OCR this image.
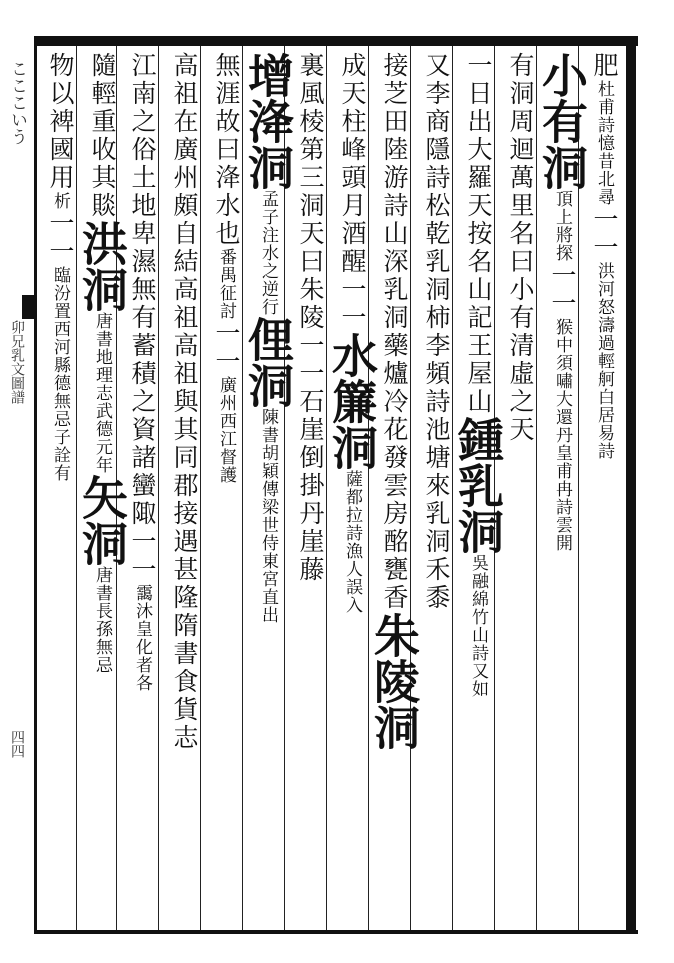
こここいう
卯兄乳文圖譜
四四
肥杜甫詩憶昔北尋一一洪河怒濤過輕舸白居易詩
小有洞頂上將探一一猴中須嘯大還丹皇甫冉詩雲開
有洞周迴萬里名曰小有清虛之天
一日出大羅天按名山記王屋山鍾乳洞吳融綿竹山詩又如
又李商隱詩松乾乳洞柿李頻詩池塘來乳洞禾黍
接芝田陸游詩山深乳洞藥爐冷花發雲房酩甕香朱陵洞
成天柱峰頭月酒醒一一水簾洞薩都拉詩漁人誤入
裏風棱第三洞天曰朱陵一一石崖倒掛丹崖藤
增洚洞孟子注水之逆行俚洞陳書胡穎傳梁世侍東宮直出
無涯故曰洚水也番禺征討一一廣州西江督護
高祖在廣州頗自結高祖高祖與其同郡接遇甚隆隋書食貨志
江南之俗土地卑濕無有蓄積之資諸蠻陬一一靄沐皇化者各
隨輕重收其賧洪洞唐書地理志武德元年矢洞唐書長孫無忌
物以裨國用析一一臨汾置西河縣德無忌子詮有
